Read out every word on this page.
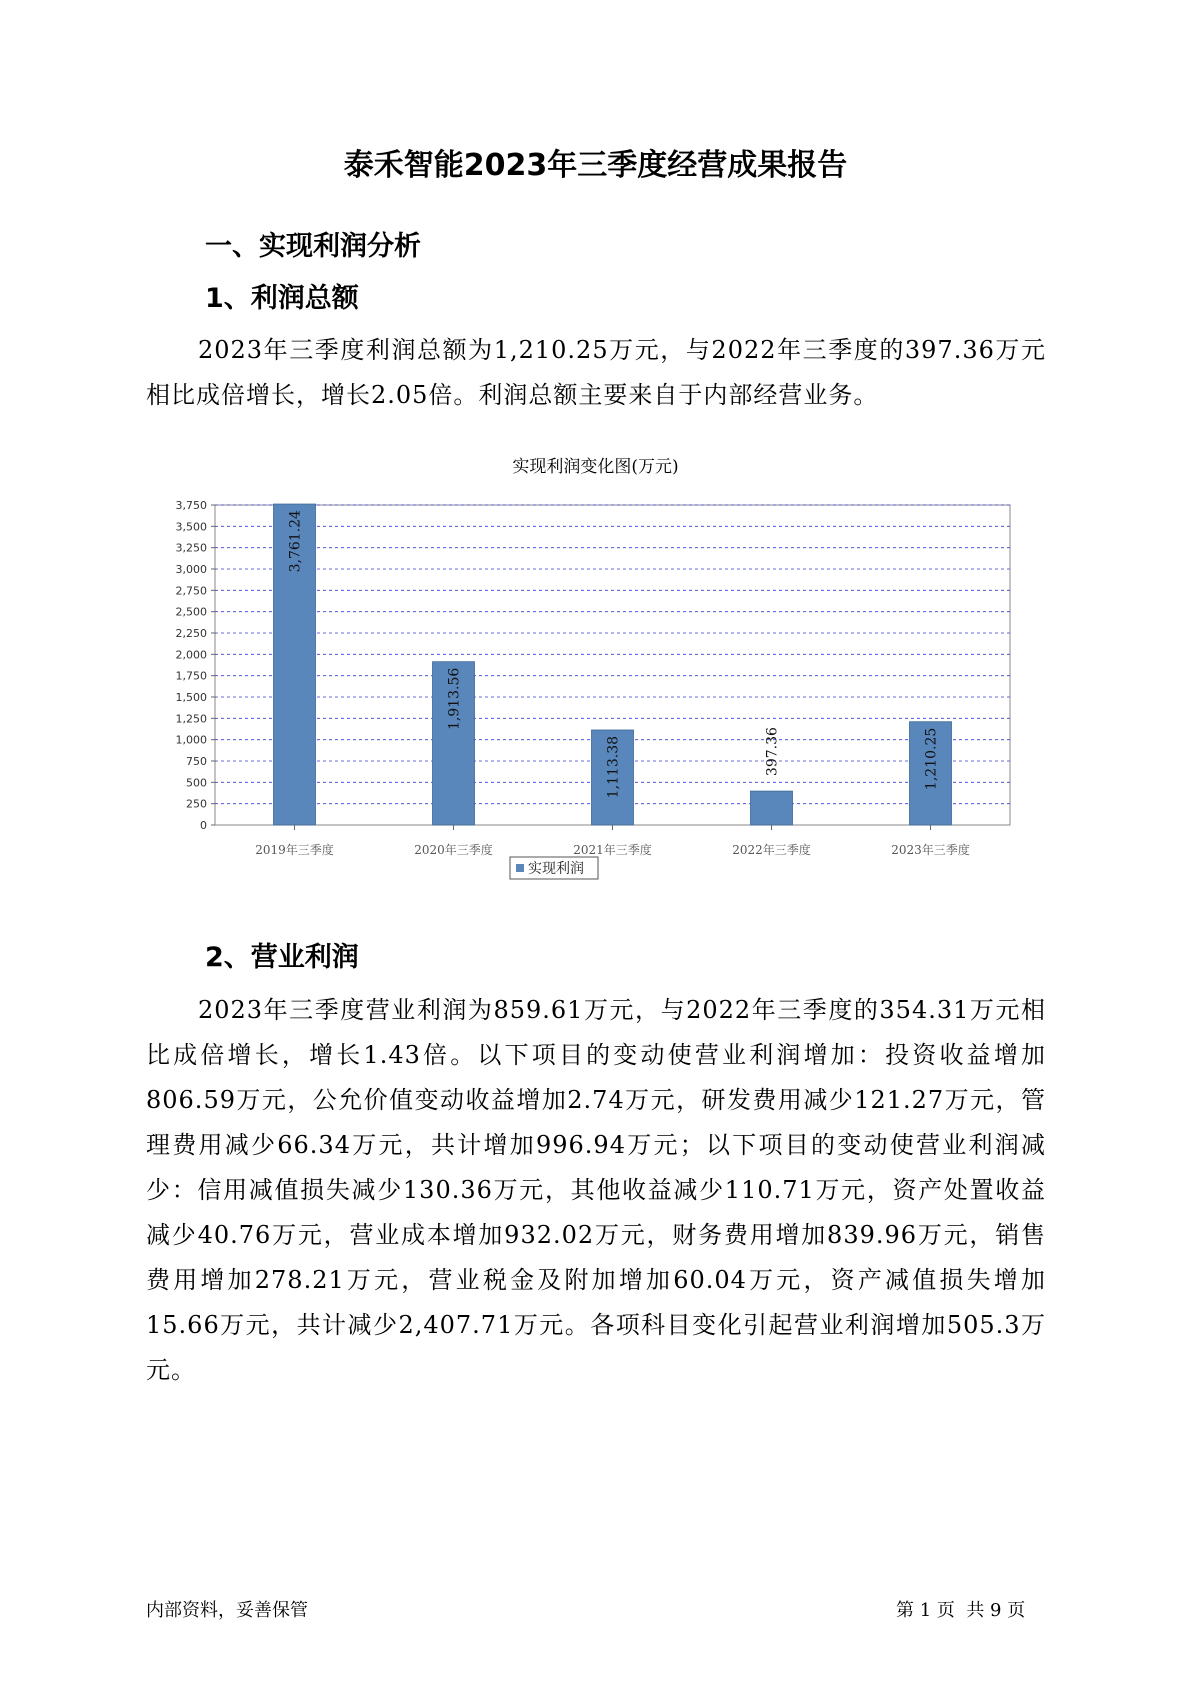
泰禾智能2023年三季度经营成果报告
一、实现利润分析
1、利润总额

2023年三季度利润总额为1,210.25万元，与2022年三季度的397.36万元相比成倍增长，增长2.05倍。利润总额主要来自于内部经营业务。

实现利润变化图(万元)
0
250
500
750
1,000
1,250
1,500
1,750
2,000
2,250
2,500
2,750
3,000
3,250
3,500
3,750
2019年三季度
3,761.24
2020年三季度
1,913.56
2021年三季度
1,113.38
2022年三季度
397.36
2023年三季度
1,210.25
实现利润
2、营业利润

2023年三季度营业利润为859.61万元，与2022年三季度的354.31万元相比成倍增长，增长1.43倍。以下项目的变动使营业利润增加：投资收益增加806.59万元，公允价值变动收益增加2.74万元，研发费用减少121.27万元，管理费用减少66.34万元，共计增加996.94万元；以下项目的变动使营业利润减少：信用减值损失减少130.36万元，其他收益减少110.71万元，资产处置收益减少40.76万元，营业成本增加932.02万元，财务费用增加839.96万元，销售费用增加278.21万元，营业税金及附加增加60.04万元，资产减值损失增加15.66万元，共计减少2,407.71万元。各项科目变化引起营业利润增加505.3万元。

内部资料，妥善保管	第 1 页  共 9 页
